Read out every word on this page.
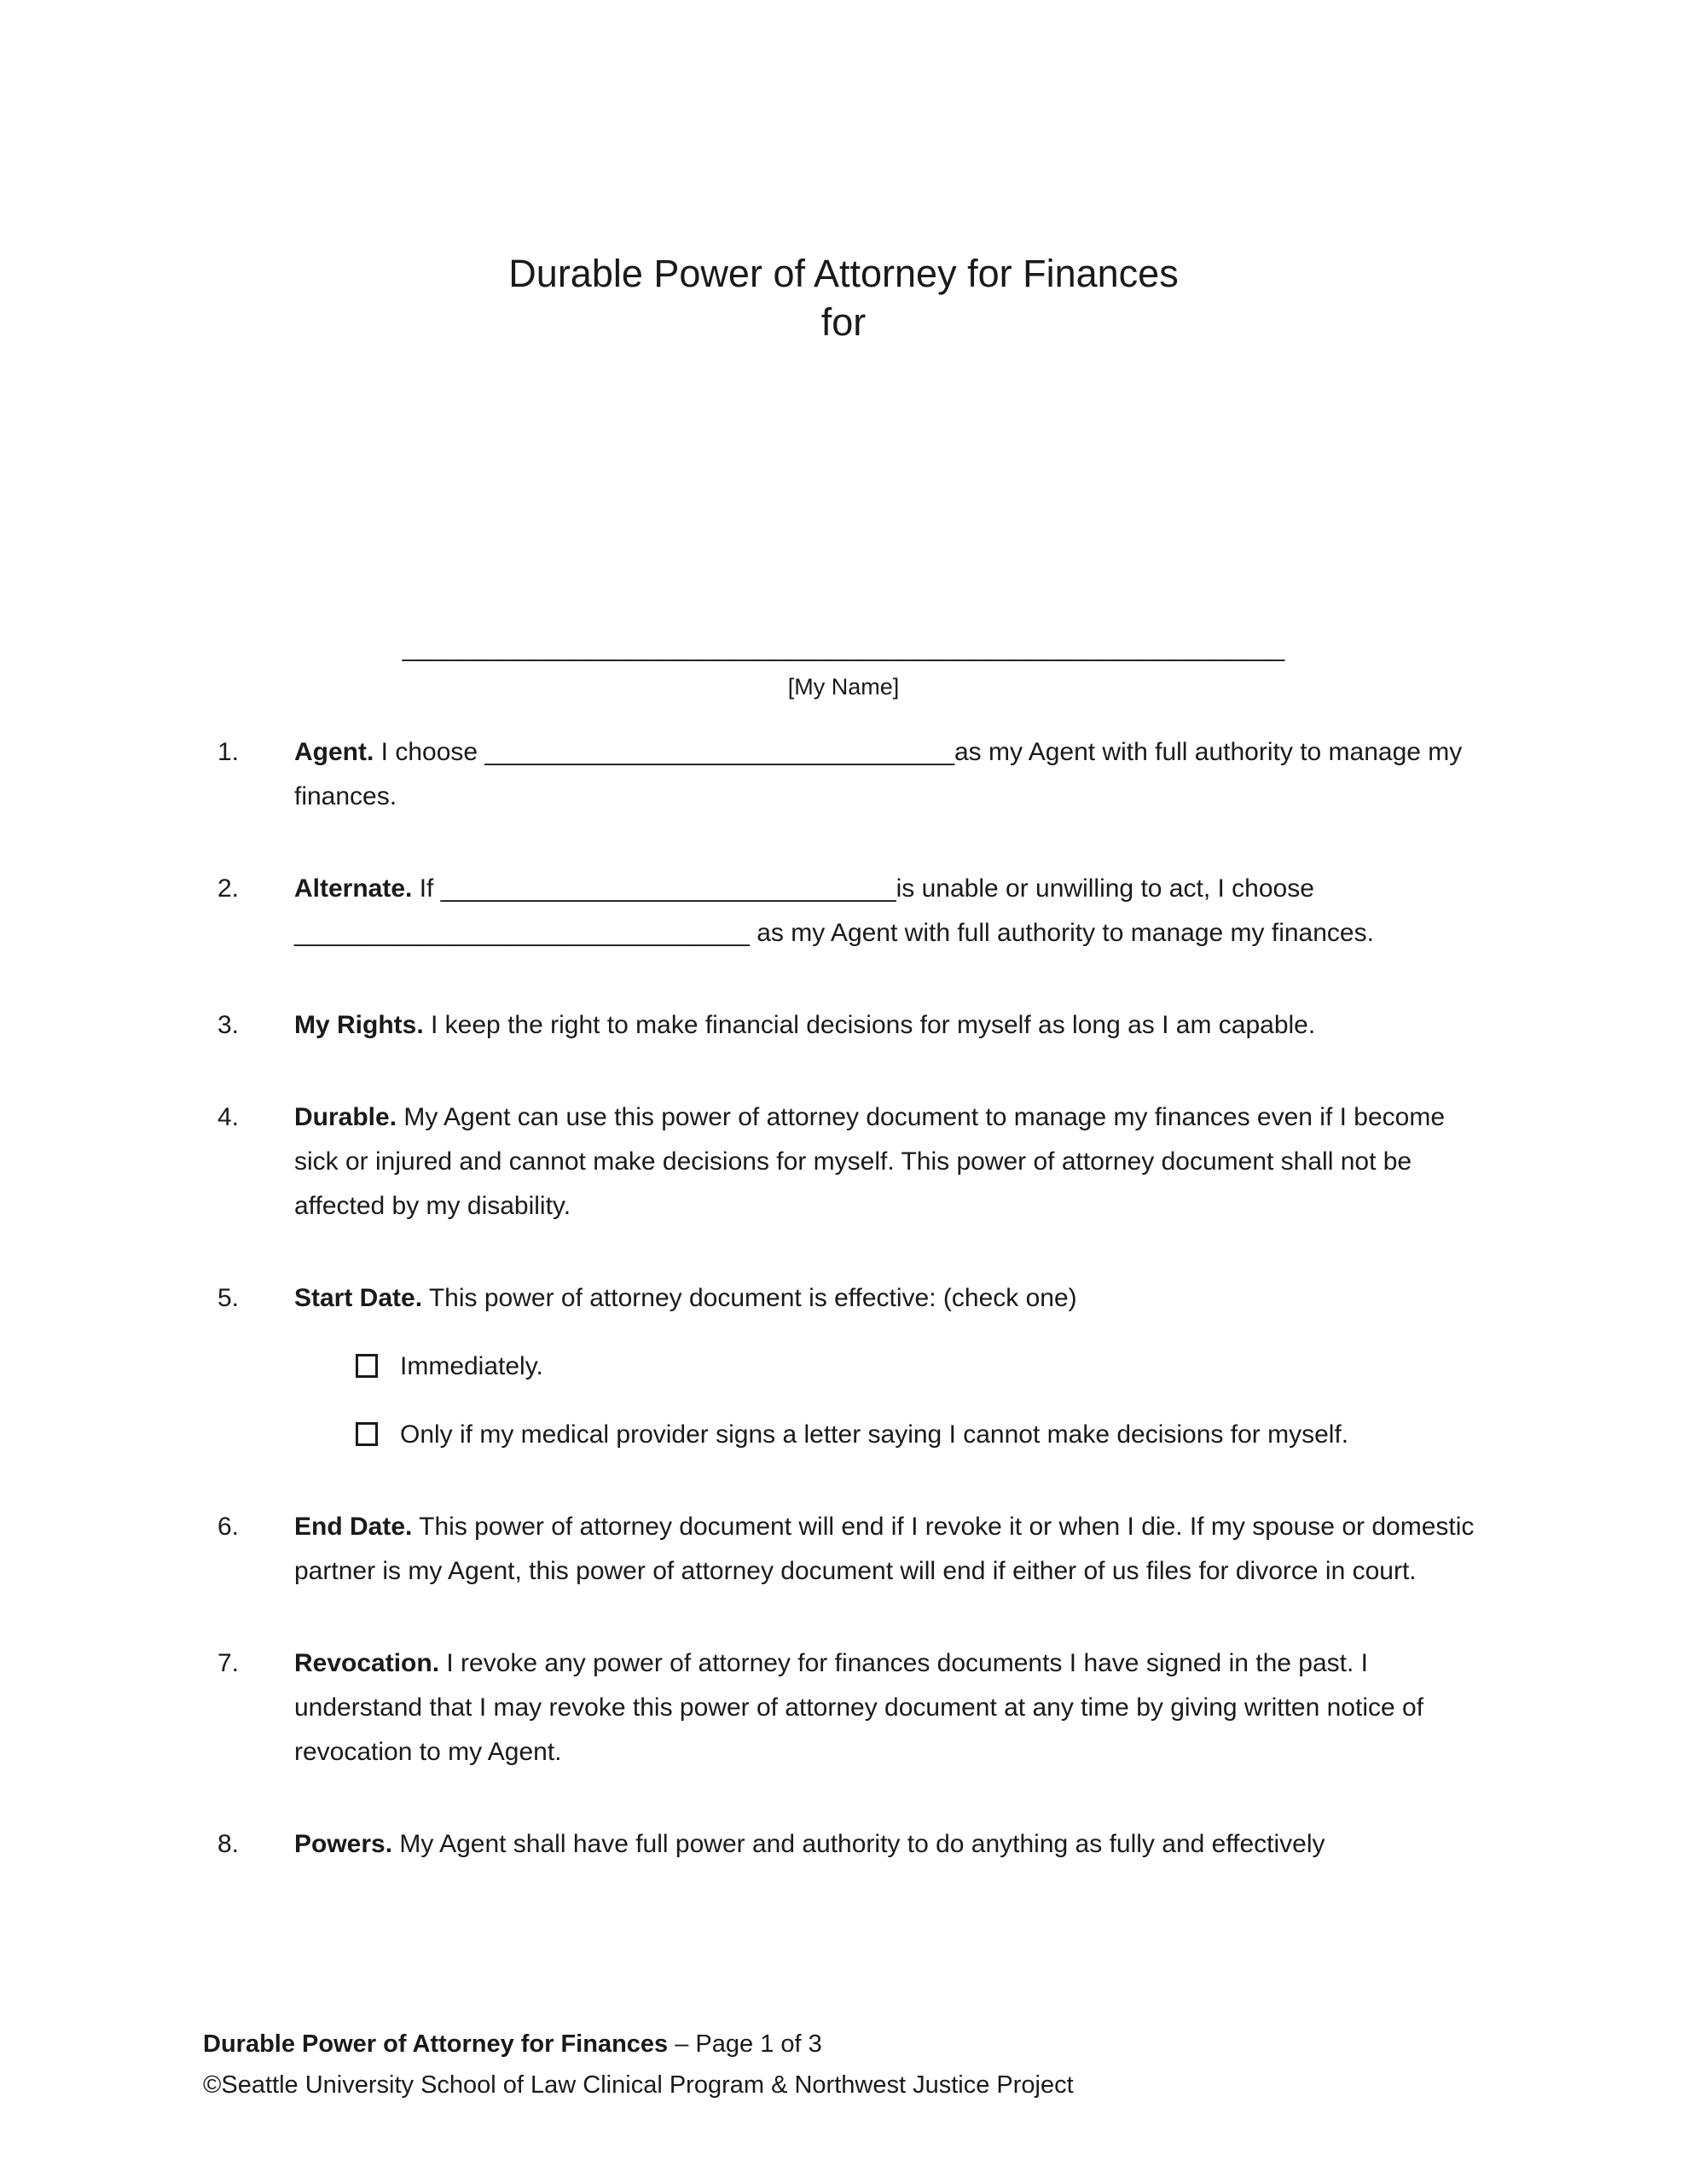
Durable Power of Attorney for Finances
for
______________________________________________________________
[My Name]
1.	Agent. I choose _________________________________as my Agent with full authority to manage my finances.
2.	Alternate. If ________________________________is unable or unwilling to act, I choose ________________________________ as my Agent with full authority to manage my finances.
3.	My Rights. I keep the right to make financial decisions for myself as long as I am capable.
4.	Durable. My Agent can use this power of attorney document to manage my finances even if I become sick or injured and cannot make decisions for myself. This power of attorney document shall not be affected by my disability.
5.	Start Date. This power of attorney document is effective: (check one)
Immediately.
Only if my medical provider signs a letter saying I cannot make decisions for myself.
6.	End Date. This power of attorney document will end if I revoke it or when I die. If my spouse or domestic partner is my Agent, this power of attorney document will end if either of us files for divorce in court.
7.	Revocation. I revoke any power of attorney for finances documents I have signed in the past. I understand that I may revoke this power of attorney document at any time by giving written notice of revocation to my Agent.
8.	Powers. My Agent shall have full power and authority to do anything as fully and effectively
Durable Power of Attorney for Finances – Page 1 of 3
©Seattle University School of Law Clinical Program & Northwest Justice Project
